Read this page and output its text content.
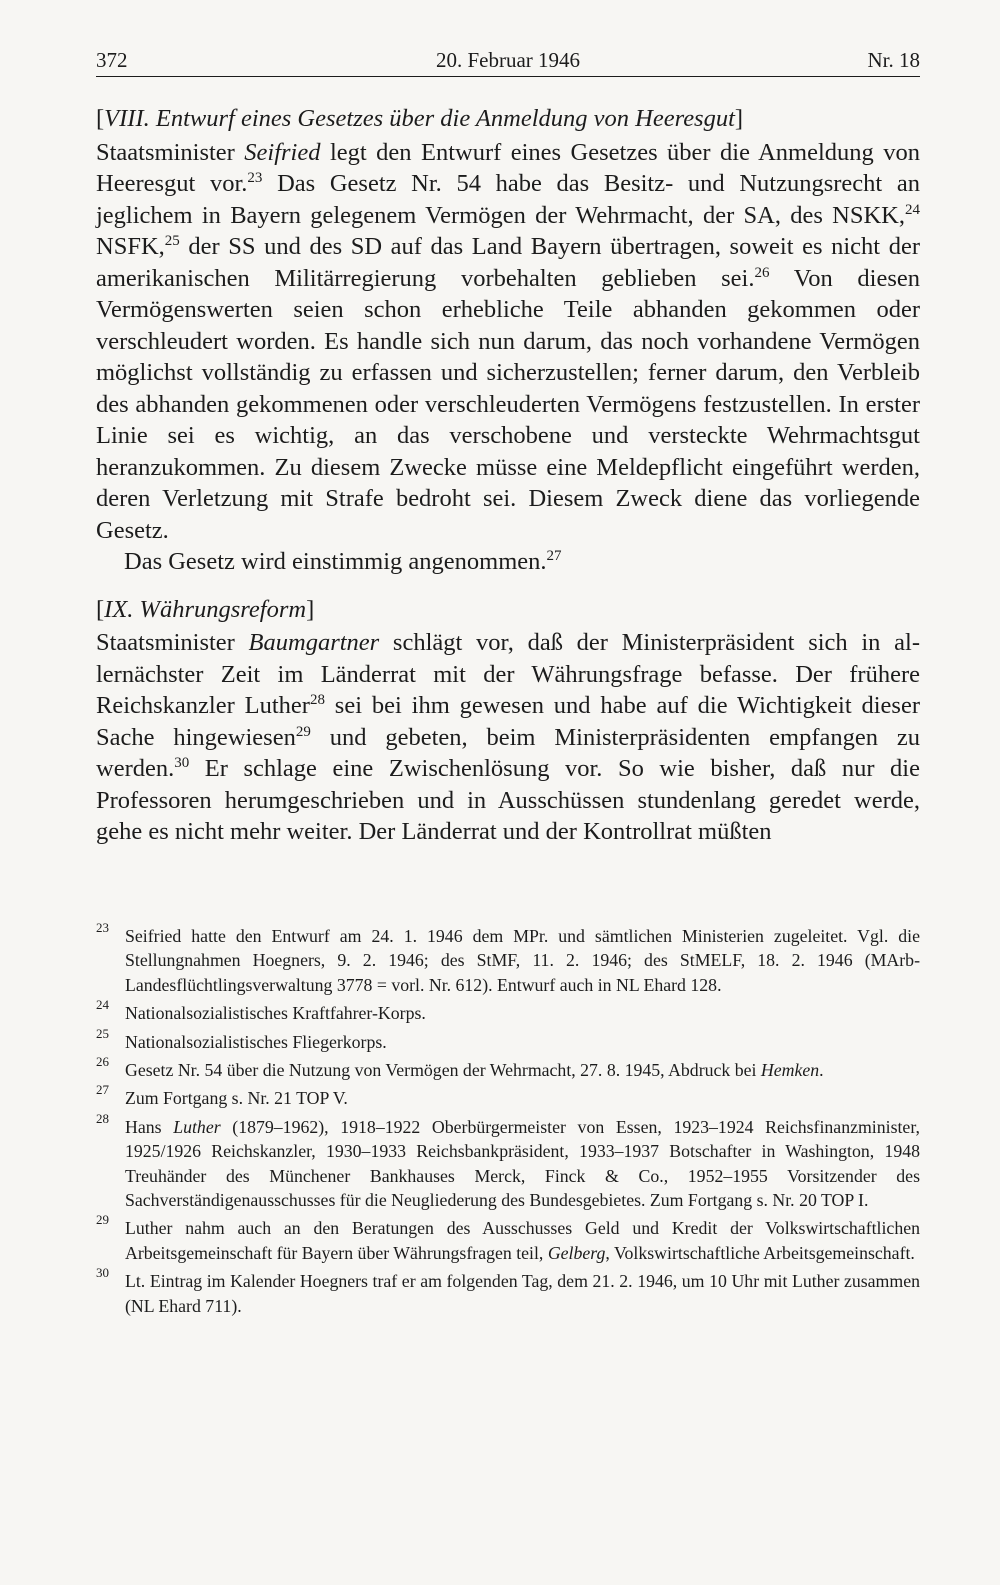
372	20. Februar 1946	Nr. 18

[VIII. Entwurf eines Gesetzes über die Anmeldung von Heeresgut]

Staatsminister Seifried legt den Entwurf eines Gesetzes über die Anmeldung von Heeresgut vor.$^{23}$ Das Gesetz Nr. 54 habe das Besitz- und Nutzungsrecht an jeglichem in Bayern gelegenem Vermögen der Wehrmacht, der SA, des NSKK,$^{24}$ NSFK,$^{25}$ der SS und des SD auf das Land Bayern übertragen, soweit es nicht der amerikanischen Militärregierung vorbehalten geblieben sei.$^{26}$ Von diesen Vermögenswerten seien schon erhebliche Teile abhanden gekommen oder verschleudert worden. Es handle sich nun darum, das noch vorhandene Vermögen möglichst vollständig zu erfassen und sicherzustellen; ferner darum, den Verbleib des abhanden gekommenen oder verschleuderten Vermögens festzustellen. In erster Linie sei es wichtig, an das verschobene und versteckte Wehrmachtsgut heranzukommen. Zu diesem Zwecke müsse eine Meldepflicht eingeführt werden, deren Verletzung mit Strafe bedroht sei. Diesem Zweck diene das vorliegende Gesetz.

Das Gesetz wird einstimmig angenommen.$^{27}$

[IX. Währungsreform]

Staatsminister Baumgartner schlägt vor, daß der Ministerpräsident sich in allernächster Zeit im Länderrat mit der Währungsfrage befasse. Der frühere Reichskanzler Luther$^{28}$ sei bei ihm gewesen und habe auf die Wichtigkeit dieser Sache hingewiesen$^{29}$ und gebeten, beim Ministerpräsidenten empfangen zu werden.$^{30}$ Er schlage eine Zwischenlösung vor. So wie bisher, daß nur die Professoren herumgeschrieben und in Ausschüssen stundenlang geredet werde, gehe es nicht mehr weiter. Der Länderrat und der Kontrollrat müßten

23 Seifried hatte den Entwurf am 24. 1. 1946 dem MPr. und sämtlichen Ministerien zugeleitet. Vgl. die Stellungnahmen Hoegners, 9. 2. 1946; des StMF, 11. 2. 1946; des StMELF, 18. 2. 1946 (MArb-Landesflüchtlingsverwaltung 3778 = vorl. Nr. 612). Entwurf auch in NL Ehard 128.
24 Nationalsozialistisches Kraftfahrer-Korps.
25 Nationalsozialistisches Fliegerkorps.
26 Gesetz Nr. 54 über die Nutzung von Vermögen der Wehrmacht, 27. 8. 1945, Abdruck bei Hemken.
27 Zum Fortgang s. Nr. 21 TOP V.
28 Hans Luther (1879–1962), 1918–1922 Oberbürgermeister von Essen, 1923–1924 Reichsfinanzminister, 1925/1926 Reichskanzler, 1930–1933 Reichsbankpräsident, 1933–1937 Botschafter in Washington, 1948 Treuhänder des Münchener Bankhauses Merck, Finck & Co., 1952–1955 Vorsitzender des Sachverständigenausschusses für die Neugliederung des Bundesgebietes. Zum Fortgang s. Nr. 20 TOP I.
29 Luther nahm auch an den Beratungen des Ausschusses Geld und Kredit der Volkswirtschaftlichen Arbeitsgemeinschaft für Bayern über Währungsfragen teil, Gelberg, Volkswirtschaftliche Arbeitsgemeinschaft.
30 Lt. Eintrag im Kalender Hoegners traf er am folgenden Tag, dem 21. 2. 1946, um 10 Uhr mit Luther zusammen (NL Ehard 711).
